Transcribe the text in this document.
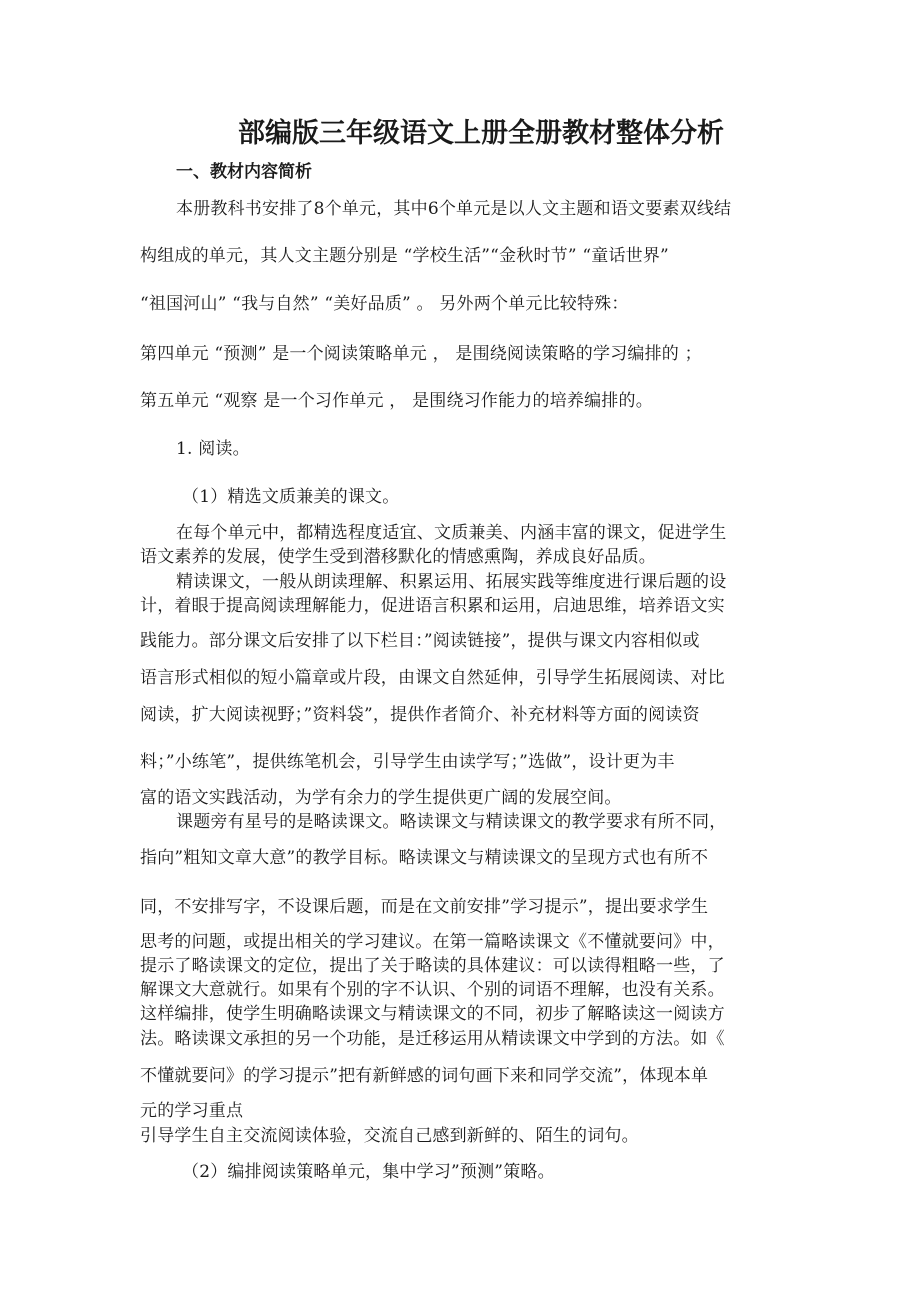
部编版三年级语文上册全册教材整体分析
一、教材内容简析
本册教科书安排了8个单元，其中6个单元是以人文主题和语文要素双线结
构组成的单元，其人文主题分别是 “学校生活”“金秋时节” “童话世界”
“祖国河山” “我与自然” “美好品质” 。 另外两个单元比较特殊：
第四单元 “预测” 是一个阅读策略单元 ， 是围绕阅读策略的学习编排的 ；
第五单元 “观察 是一个习作单元 ， 是围绕习作能力的培养编排的。
1. 阅读。
（1）精选文质兼美的课文。
在每个单元中，都精选程度适宜、文质兼美、内涵丰富的课文，促进学生
语文素养的发展，使学生受到潜移默化的情感熏陶，养成良好品质。
精读课文，一般从朗读理解、积累运用、拓展实践等维度进行课后题的设
计，着眼于提高阅读理解能力，促进语言积累和运用，启迪思维，培养语文实
践能力。部分课文后安排了以下栏目：”阅读链接”，提供与课文内容相似或
语言形式相似的短小篇章或片段，由课文自然延伸，引导学生拓展阅读、对比
阅读，扩大阅读视野；”资料袋”，提供作者简介、补充材料等方面的阅读资
料；”小练笔”，提供练笔机会，引导学生由读学写；”选做”，设计更为丰
富的语文实践活动，为学有余力的学生提供更广阔的发展空间。
课题旁有星号的是略读课文。略读课文与精读课文的教学要求有所不同，
指向”粗知文章大意”的教学目标。略读课文与精读课文的呈现方式也有所不
同，不安排写字，不设课后题，而是在文前安排”学习提示”，提出要求学生
思考的问题，或提出相关的学习建议。在第一篇略读课文《不懂就要问》中，
提示了略读课文的定位，提出了关于略读的具体建议：可以读得粗略一些，了
解课文大意就行。如果有个别的字不认识、个别的词语不理解，也没有关系。
这样编排，使学生明确略读课文与精读课文的不同，初步了解略读这一阅读方
法。略读课文承担的另一个功能，是迁移运用从精读课文中学到的方法。如《
不懂就要问》的学习提示”把有新鲜感的词句画下来和同学交流”，体现本单
元的学习重点
引导学生自主交流阅读体验，交流自己感到新鲜的、陌生的词句。
（2）编排阅读策略单元，集中学习”预测”策略。
